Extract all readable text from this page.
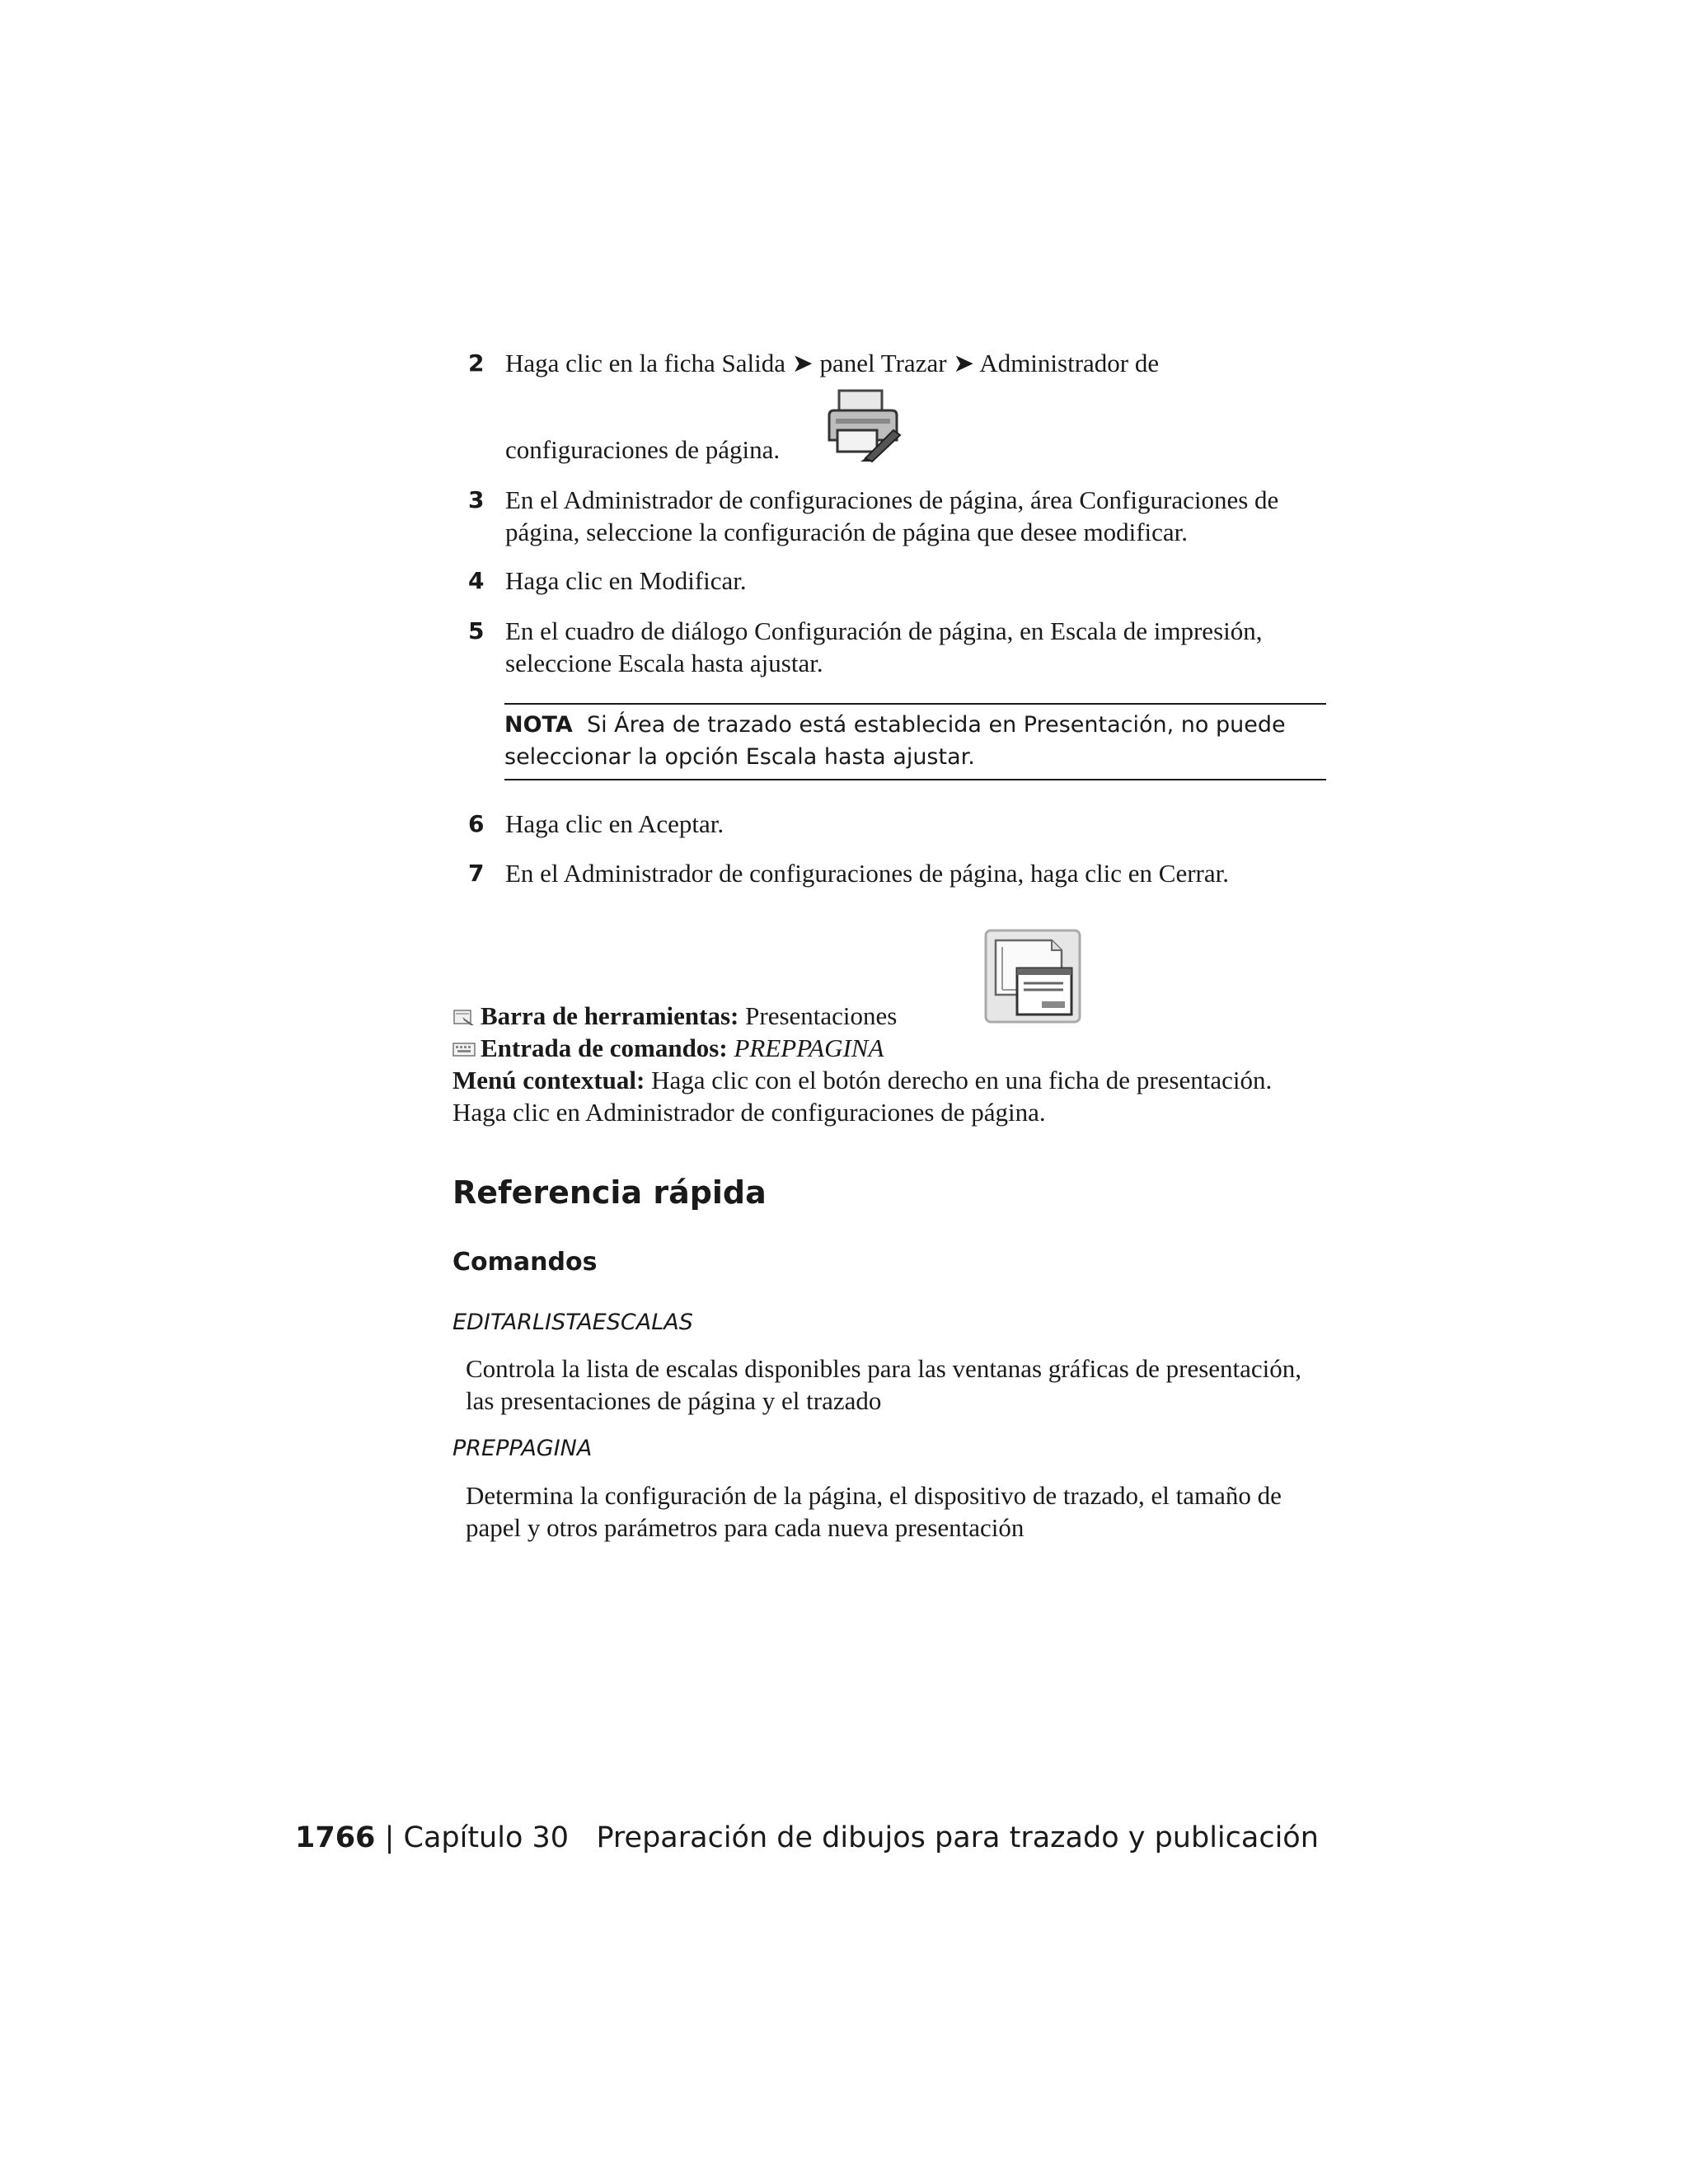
2 Haga clic en la ficha Salida ➤ panel Trazar ➤ Administrador de
configuraciones de página.
3 En el Administrador de configuraciones de página, área Configuraciones de página, seleccione la configuración de página que desee modificar.
4 Haga clic en Modificar.
5 En el cuadro de diálogo Configuración de página, en Escala de impresión, seleccione Escala hasta ajustar.
NOTA Si Área de trazado está establecida en Presentación, no puede seleccionar la opción Escala hasta ajustar.
6 Haga clic en Aceptar.
7 En el Administrador de configuraciones de página, haga clic en Cerrar.
Barra de herramientas: Presentaciones
Entrada de comandos: PREPPAGINA
Menú contextual: Haga clic con el botón derecho en una ficha de presentación. Haga clic en Administrador de configuraciones de página.
Referencia rápida
Comandos
EDITARLISTAESCALAS
Controla la lista de escalas disponibles para las ventanas gráficas de presentación, las presentaciones de página y el trazado
PREPPAGINA
Determina la configuración de la página, el dispositivo de trazado, el tamaño de papel y otros parámetros para cada nueva presentación
1766 | Capítulo 30 Preparación de dibujos para trazado y publicación
